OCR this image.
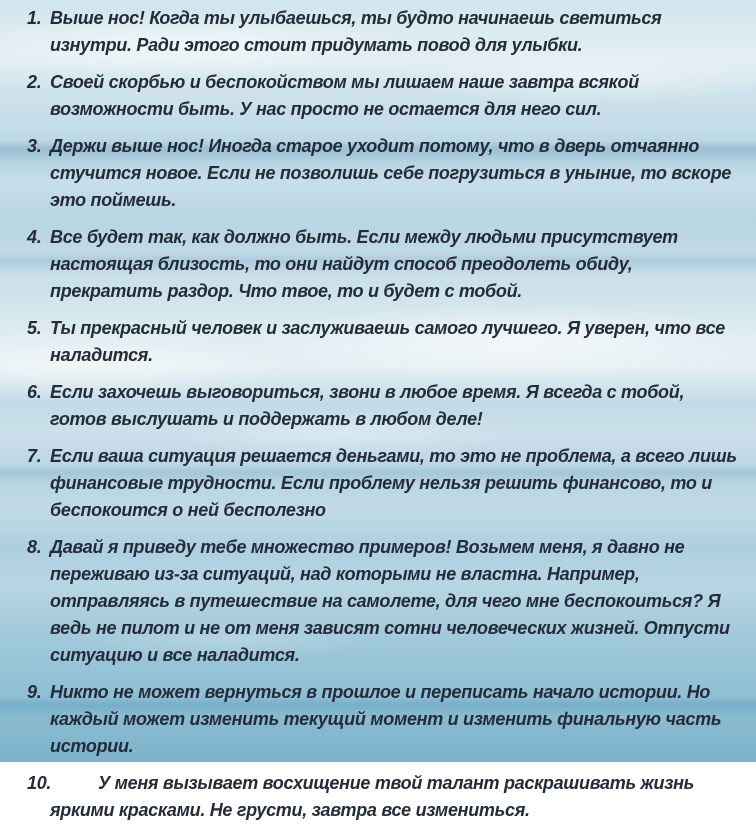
1. Выше нос! Когда ты улыбаешься, ты будто начинаешь светиться изнутри. Ради этого стоит придумать повод для улыбки.
2. Своей скорбью и беспокойством мы лишаем наше завтра всякой возможности быть. У нас просто не остается для него сил.
3. Держи выше нос! Иногда старое уходит потому, что в дверь отчаянно стучится новое. Если не позволишь себе погрузиться в уныние, то вскоре это поймешь.
4. Все будет так, как должно быть. Если между людьми присутствует настоящая близость, то они найдут способ преодолеть обиду, прекратить раздор. Что твое, то и будет с тобой.
5. Ты прекрасный человек и заслуживаешь самого лучшего. Я уверен, что все наладится.
6. Если захочешь выговориться, звони в любое время. Я всегда с тобой, готов выслушать и поддержать в любом деле!
7. Если ваша ситуация решается деньгами, то это не проблема, а всего лишь финансовые трудности. Если проблему нельзя решить финансово, то и беспокоится о ней бесполезно
8. Давай я приведу тебе множество примеров! Возьмем меня, я давно не переживаю из-за ситуаций, над которыми не властна. Например, отправляясь в путешествие на самолете, для чего мне беспокоиться? Я ведь не пилот и не от меня зависят сотни человеческих жизней. Отпусти ситуацию и все наладится.
9. Никто не может вернуться в прошлое и переписать начало истории. Но каждый может изменить текущий момент и изменить финальную часть истории.
10.	У меня вызывает восхищение твой талант раскрашивать жизнь яркими красками. Не грусти, завтра все измениться.
